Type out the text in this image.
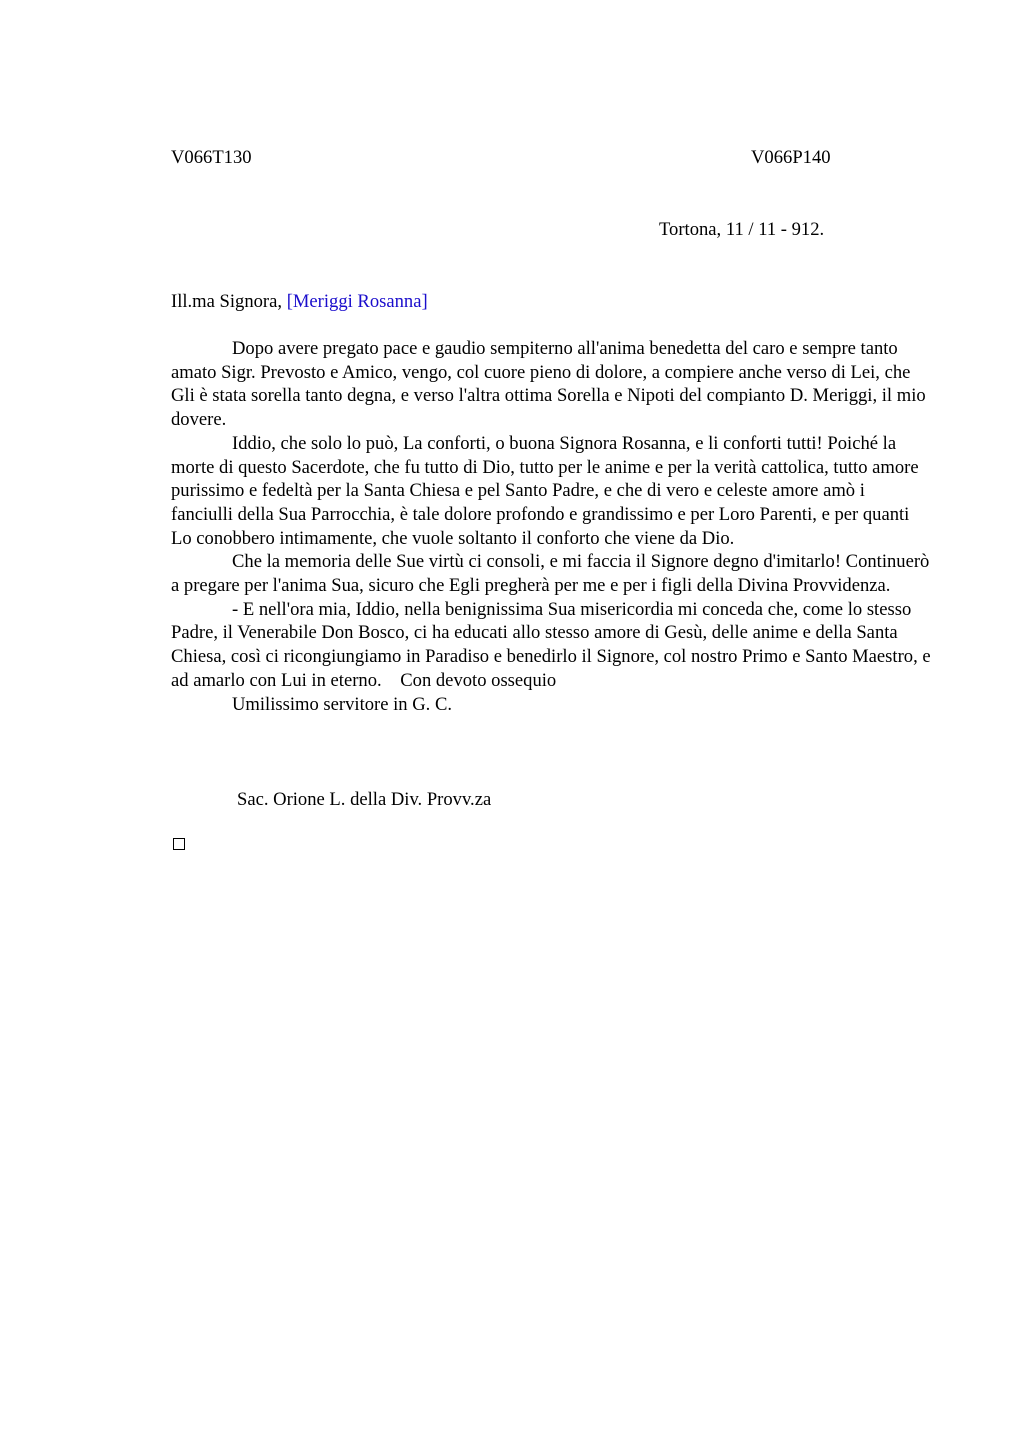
V066T130	V066P140
Tortona, 11 / 11 - 912.
Ill.ma Signora, [Meriggi Rosanna]

Dopo avere pregato pace e gaudio sempiterno all'anima benedetta del caro e sempre tanto amato Sigr. Prevosto e Amico, vengo, col cuore pieno di dolore, a compiere anche verso di Lei, che Gli è stata sorella tanto degna, e verso l'altra ottima Sorella e Nipoti del compianto D. Meriggi, il mio dovere.

Iddio, che solo lo può, La conforti, o buona Signora Rosanna, e li conforti tutti! Poiché la morte di questo Sacerdote, che fu tutto di Dio, tutto per le anime e per la verità cattolica, tutto amore purissimo e fedeltà per la Santa Chiesa e pel Santo Padre, e che di vero e celeste amore amò i fanciulli della Sua Parrocchia, è tale dolore profondo e grandissimo e per Loro Parenti, e per quanti Lo conobbero intimamente, che vuole soltanto il conforto che viene da Dio.

Che la memoria delle Sue virtù ci consoli, e mi faccia il Signore degno d'imitarlo! Continuerò a pregare per l'anima Sua, sicuro che Egli pregherà per me e per i figli della Divina Provvidenza.

- E nell'ora mia, Iddio, nella benignissima Sua misericordia mi conceda che, come lo stesso Padre, il Venerabile Don Bosco, ci ha educati allo stesso amore di Gesù, delle anime e della Santa Chiesa, così ci ricongiungiamo in Paradiso e benedirlo il Signore, col nostro Primo e Santo Maestro, e ad amarlo con Lui in eterno.    Con devoto ossequio

Umilissimo servitore in G. C.

Sac. Orione L. della Div. Provv.za
